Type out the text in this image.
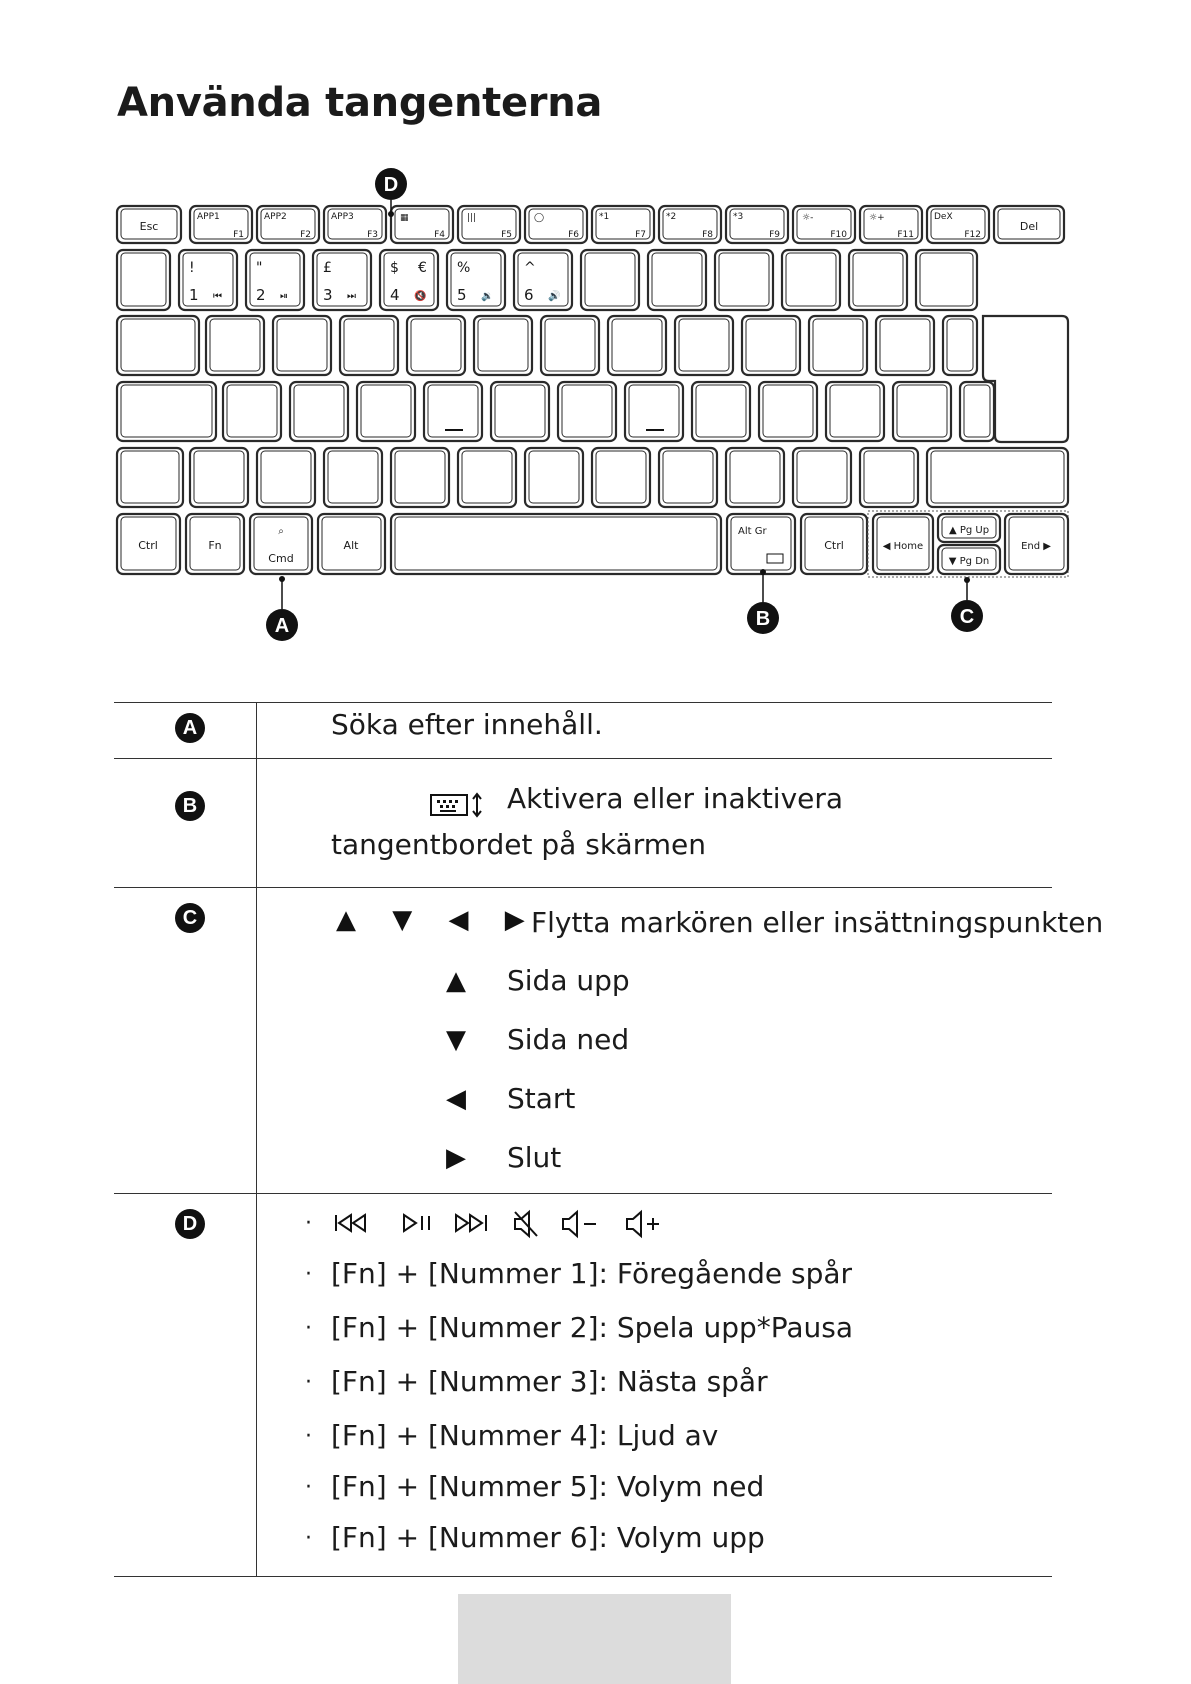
Använda tangenterna
Esc
F1
APP1
F2
APP2
F3
APP3
F4	F5	F6	F7
*1
F8
*2
F9
*3
F10	F11	F12
DeX
Del
▦	|||	◯	☼-	☼+
!
1 ⏮
"
2 ⏯
£
3 ⏭
$ €
4 🔇
%
5 🔉
^
6 🔊
Ctrl	Fn
Cmd
⌕
Alt
Alt Gr
Ctrl	◀ Home
▲ Pg Up
▼ Pg Dn
End ▶
D
A	B	C
A	Söka efter innehåll.
B	Aktivera eller inaktivera
tangentbordet på skärmen
C	▲ ▼ ◀ ▶
Flytta markören eller insättningspunkten
▲ Sida upp
▼ Sida ned
◀ Start
▶ Slut
D	·
· [Fn] + [Nummer 1]: Föregående spår
· [Fn] + [Nummer 2]: Spela upp*Pausa
· [Fn] + [Nummer 3]: Nästa spår
· [Fn] + [Nummer 4]: Ljud av
· [Fn] + [Nummer 5]: Volym ned
· [Fn] + [Nummer 6]: Volym upp
